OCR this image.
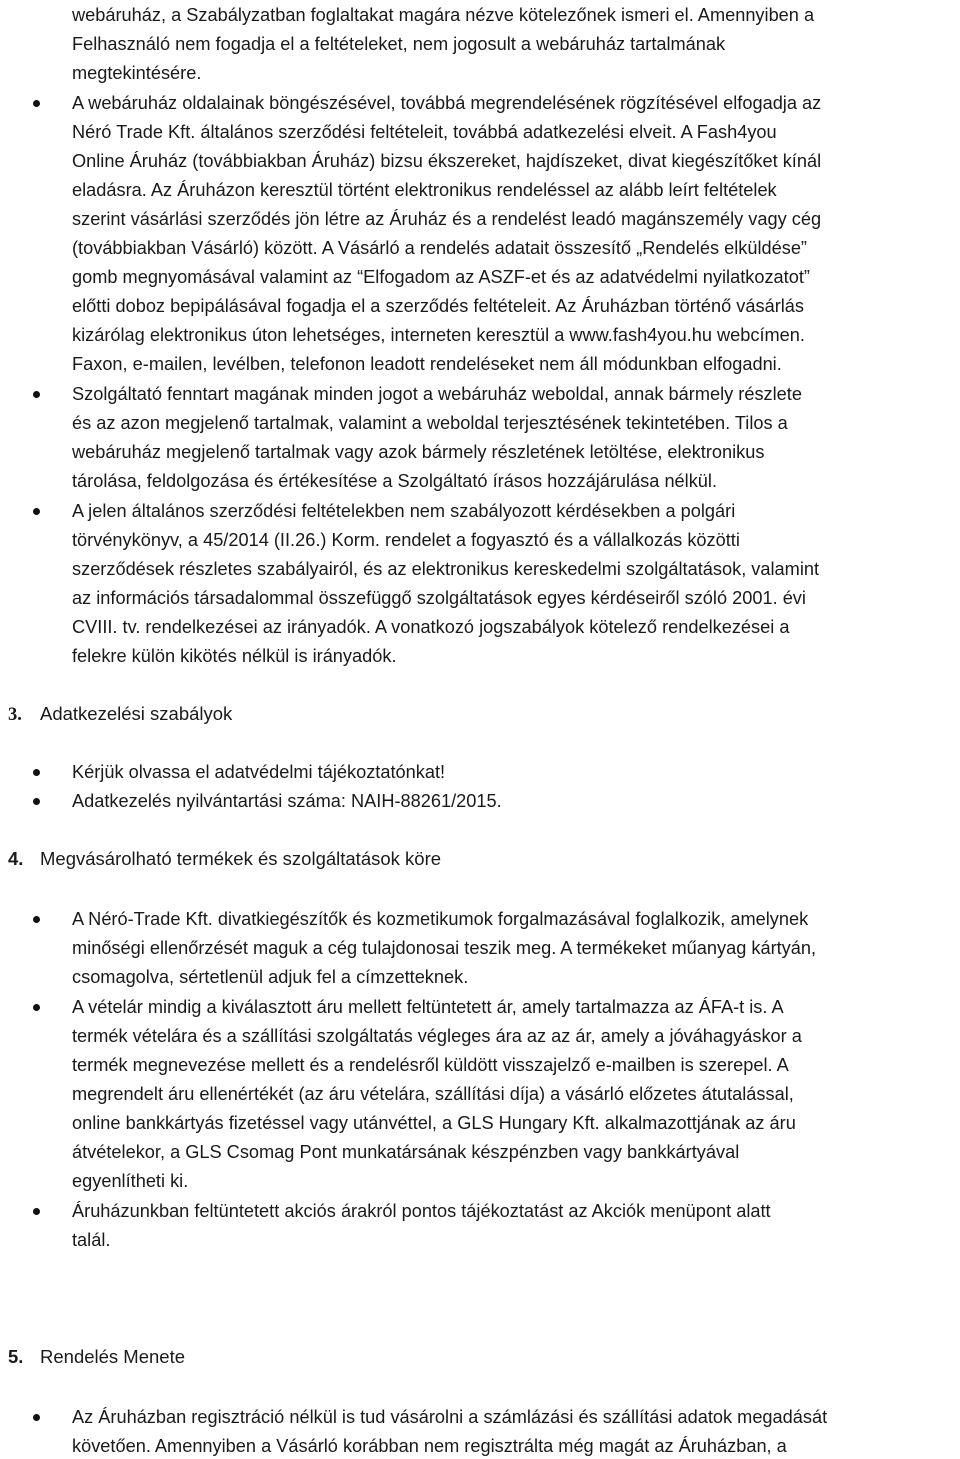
webáruház, a Szabályzatban foglaltakat magára nézve kötelezőnek ismeri el. Amennyiben a
Felhasználó nem fogadja el a feltételeket, nem jogosult a webáruház tartalmának
megtekintésére.
A webáruház oldalainak böngészésével, továbbá megrendelésének rögzítésével elfogadja az
Néró Trade Kft. általános szerződési feltételeit, továbbá adatkezelési elveit. A Fash4you
Online Áruház (továbbiakban Áruház) bizsu ékszereket, hajdíszeket, divat kiegészítőket kínál
eladásra. Az Áruházon keresztül történt elektronikus rendeléssel az alább leírt feltételek
szerint vásárlási szerződés jön létre az Áruház és a rendelést leadó magánszemély vagy cég
(továbbiakban Vásárló) között. A Vásárló a rendelés adatait összesítő „Rendelés elküldése”
gomb megnyomásával valamint az “Elfogadom az ASZF-et és az adatvédelmi nyilatkozatot”
előtti doboz bepipálásával fogadja el a szerződés feltételeit. Az Áruházban történő vásárlás
kizárólag elektronikus úton lehetséges, interneten keresztül a www.fash4you.hu webcímen.
Faxon, e-mailen, levélben, telefonon leadott rendeléseket nem áll módunkban elfogadni.
Szolgáltató fenntart magának minden jogot a webáruház weboldal, annak bármely részlete
és az azon megjelenő tartalmak, valamint a weboldal terjesztésének tekintetében. Tilos a
webáruház megjelenő tartalmak vagy azok bármely részletének letöltése, elektronikus
tárolása, feldolgozása és értékesítése a Szolgáltató írásos hozzájárulása nélkül.
A jelen általános szerződési feltételekben nem szabályozott kérdésekben a polgári
törvénykönyv, a 45/2014 (II.26.) Korm. rendelet a fogyasztó és a vállalkozás közötti
szerződések részletes szabályairól, és az elektronikus kereskedelmi szolgáltatások, valamint
az információs társadalommal összefüggő szolgáltatások egyes kérdéseiről szóló 2001. évi
CVIII. tv. rendelkezései az irányadók. A vonatkozó jogszabályok kötelező rendelkezései a
felekre külön kikötés nélkül is irányadók.
3. Adatkezelési szabályok
Kérjük olvassa el adatvédelmi tájékoztatónkat!
Adatkezelés nyilvántartási száma: NAIH-88261/2015.
4. Megvásárolható termékek és szolgáltatások köre
A Néró-Trade Kft. divatkiegészítők és kozmetikumok forgalmazásával foglalkozik, amelynek
minőségi ellenőrzését maguk a cég tulajdonosai teszik meg. A termékeket műanyag kártyán,
csomagolva, sértetlenül adjuk fel a címzetteknek.
A vételár mindig a kiválasztott áru mellett feltüntetett ár, amely tartalmazza az ÁFA-t is. A
termék vételára és a szállítási szolgáltatás végleges ára az az ár, amely a jóváhagyáskor a
termék megnevezése mellett és a rendelésről küldött visszajelző e-mailben is szerepel. A
megrendelt áru ellenértékét (az áru vételára, szállítási díja) a vásárló előzetes átutalással,
online bankkártyás fizetéssel vagy utánvéttel, a GLS Hungary Kft. alkalmazottjának az áru
átvételekor, a GLS Csomag Pont munkatársának készpénzben vagy bankkártyával
egyenlítheti ki.
Áruházunkban feltüntetett akciós árakról pontos tájékoztatást az Akciók menüpont alatt
talál.
5. Rendelés Menete
Az Áruházban regisztráció nélkül is tud vásárolni a számlázási és szállítási adatok megadását
követően. Amennyiben a Vásárló korábban nem regisztrálta még magát az Áruházban, a
